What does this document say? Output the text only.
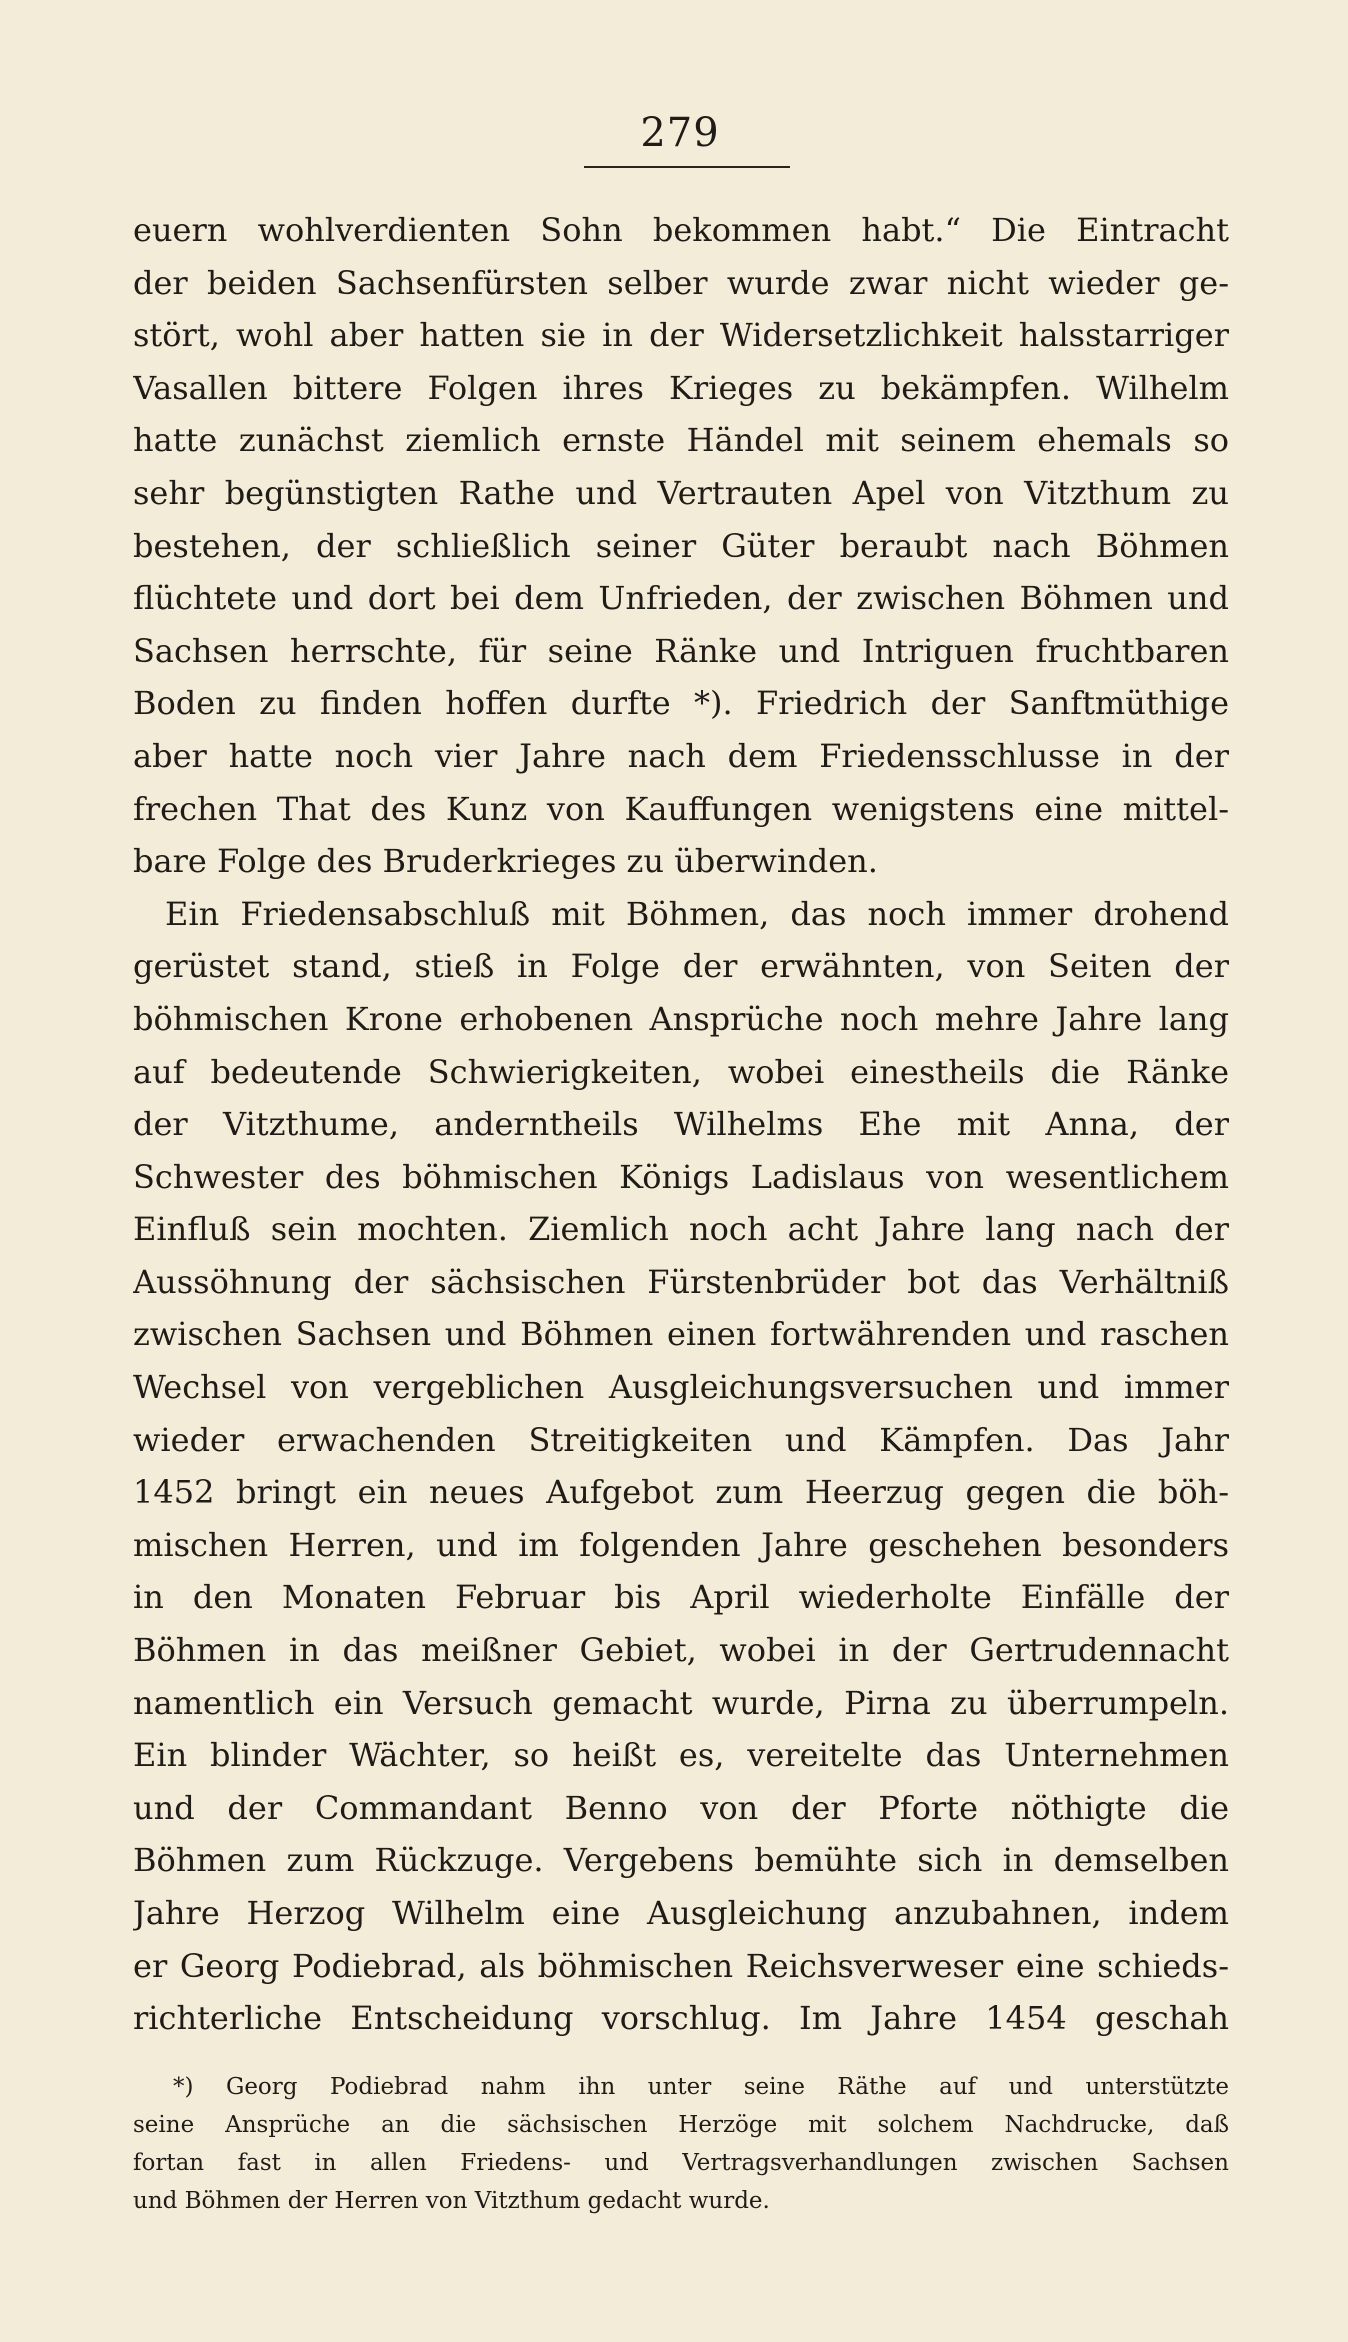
279
euern wohlverdienten Sohn bekommen habt.“ Die Eintracht
der beiden Sachsenfürsten selber wurde zwar nicht wieder ge-
stört, wohl aber hatten sie in der Widersetzlichkeit halsstarriger
Vasallen bittere Folgen ihres Krieges zu bekämpfen. Wilhelm
hatte zunächst ziemlich ernste Händel mit seinem ehemals so
sehr begünstigten Rathe und Vertrauten Apel von Vitzthum zu
bestehen, der schließlich seiner Güter beraubt nach Böhmen
flüchtete und dort bei dem Unfrieden, der zwischen Böhmen und
Sachsen herrschte, für seine Ränke und Intriguen fruchtbaren
Boden zu finden hoffen durfte *). Friedrich der Sanftmüthige
aber hatte noch vier Jahre nach dem Friedensschlusse in der
frechen That des Kunz von Kauffungen wenigstens eine mittel-
bare Folge des Bruderkrieges zu überwinden.
Ein Friedensabschluß mit Böhmen, das noch immer drohend
gerüstet stand, stieß in Folge der erwähnten, von Seiten der
böhmischen Krone erhobenen Ansprüche noch mehre Jahre lang
auf bedeutende Schwierigkeiten, wobei einestheils die Ränke
der Vitzthume, anderntheils Wilhelms Ehe mit Anna, der
Schwester des böhmischen Königs Ladislaus von wesentlichem
Einfluß sein mochten. Ziemlich noch acht Jahre lang nach der
Aussöhnung der sächsischen Fürstenbrüder bot das Verhältniß
zwischen Sachsen und Böhmen einen fortwährenden und raschen
Wechsel von vergeblichen Ausgleichungsversuchen und immer
wieder erwachenden Streitigkeiten und Kämpfen. Das Jahr
1452 bringt ein neues Aufgebot zum Heerzug gegen die böh-
mischen Herren, und im folgenden Jahre geschehen besonders
in den Monaten Februar bis April wiederholte Einfälle der
Böhmen in das meißner Gebiet, wobei in der Gertrudennacht
namentlich ein Versuch gemacht wurde, Pirna zu überrumpeln.
Ein blinder Wächter, so heißt es, vereitelte das Unternehmen
und der Commandant Benno von der Pforte nöthigte die
Böhmen zum Rückzuge. Vergebens bemühte sich in demselben
Jahre Herzog Wilhelm eine Ausgleichung anzubahnen, indem
er Georg Podiebrad, als böhmischen Reichsverweser eine schieds-
richterliche Entscheidung vorschlug. Im Jahre 1454 geschah
*) Georg Podiebrad nahm ihn unter seine Räthe auf und unterstützte
seine Ansprüche an die sächsischen Herzöge mit solchem Nachdrucke, daß
fortan fast in allen Friedens- und Vertragsverhandlungen zwischen Sachsen
und Böhmen der Herren von Vitzthum gedacht wurde.
